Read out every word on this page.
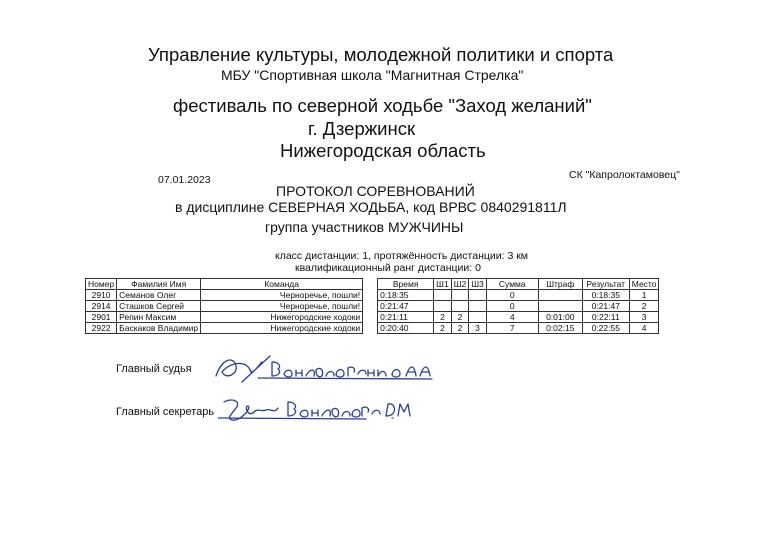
Управление культуры, молодежной политики и спорта
МБУ "Спортивная школа "Магнитная Стрелка"
фестиваль по северной ходьбе "Заход желаний"
г. Дзержинск
Нижегородская область
07.01.2023	СК "Капролоктамовец"
ПРОТОКОЛ СОРЕВНОВАНИЙ
в дисциплине СЕВЕРНАЯ ХОДЬБА, код ВРВС 0840291811Л
группа участников МУЖЧИНЫ
класс дистанции: 1, протяжённость дистанции: 3 км
квалификационный ранг дистанции: 0
Номер	Фамилия Имя	Команда		Время	Ш1	Ш2	Ш3	Сумма	Штраф	Результат	Место
2910	Семанов Олег	Черноречье, пошли!		0:18:35				0		0:18:35	1
2914	Сташков Сергей	Черноречье, пошли!		0:21:47				0		0:21:47	2
2901	Репин Максим	Нижегородские ходоки		0:21:11	2	2		4	0:01:00	0:22:11	3
2922	Баскаков Владимир	Нижегородские ходоки		0:20:40	2	2	3	7	0:02:15	0:22:55	4
Главный судья
Главный секретарь
